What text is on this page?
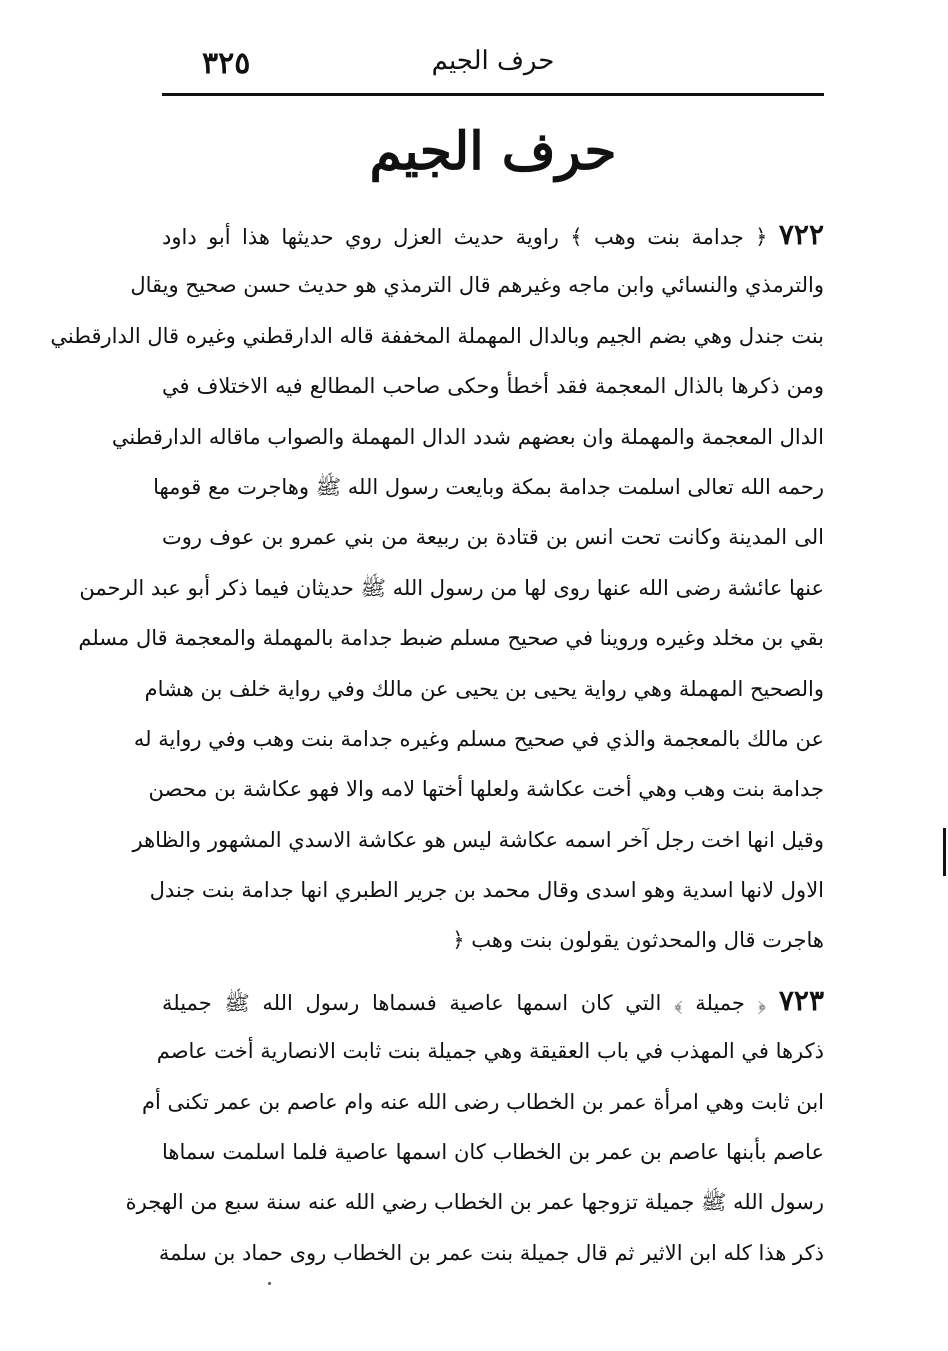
٣٢٥	حرف الجيم
حرف الجيم
٧٢٢ ﴿ جدامة بنت وهب ﴾ راوية حديث العزل روي حديثها هذا أبو داود
والترمذي والنسائي وابن ماجه وغيرهم قال الترمذي هو حديث حسن صحيح ويقال
بنت جندل وهي بضم الجيم وبالدال المهملة المخففة قاله الدارقطني وغيره قال الدارقطني
ومن ذكرها بالذال المعجمة فقد أخطأ وحكى صاحب المطالع فيه الاختلاف في
الدال المعجمة والمهملة وان بعضهم شدد الدال المهملة والصواب ماقاله الدارقطني
رحمه الله تعالى اسلمت جدامة بمكة وبايعت رسول الله ﷺ وهاجرت مع قومها
الى المدينة وكانت تحت انس بن قتادة بن ربيعة من بني عمرو بن عوف روت
عنها عائشة رضى الله عنها روى لها من رسول الله ﷺ حديثان فيما ذكر أبو عبد الرحمن
بقي بن مخلد وغيره وروينا في صحيح مسلم ضبط جدامة بالمهملة والمعجمة قال مسلم
والصحيح المهملة وهي رواية يحيى بن يحيى عن مالك وفي رواية خلف بن هشام
عن مالك بالمعجمة والذي في صحيح مسلم وغيره جدامة بنت وهب وفي رواية له
جدامة بنت وهب وهي أخت عكاشة ولعلها أختها لامه والا فهو عكاشة بن محصن
وقيل انها اخت رجل آخر اسمه عكاشة ليس هو عكاشة الاسدي المشهور والظاهر
الاول لانها اسدية وهو اسدى وقال محمد بن جرير الطبري انها جدامة بنت جندل
هاجرت قال والمحدثون يقولون بنت وهب ﴿
٧٢٣ ﴿ جميلة ﴾ التي كان اسمها عاصية فسماها رسول الله ﷺ جميلة
ذكرها في المهذب في باب العقيقة وهي جميلة بنت ثابت الانصارية أخت عاصم
ابن ثابت وهي امرأة عمر بن الخطاب رضى الله عنه وام عاصم بن عمر تكنى أم
عاصم بأبنها عاصم بن عمر بن الخطاب كان اسمها عاصية فلما اسلمت سماها
رسول الله ﷺ جميلة تزوجها عمر بن الخطاب رضي الله عنه سنة سبع من الهجرة
ذكر هذا كله ابن الاثير ثم قال جميلة بنت عمر بن الخطاب روى حماد بن سلمة
